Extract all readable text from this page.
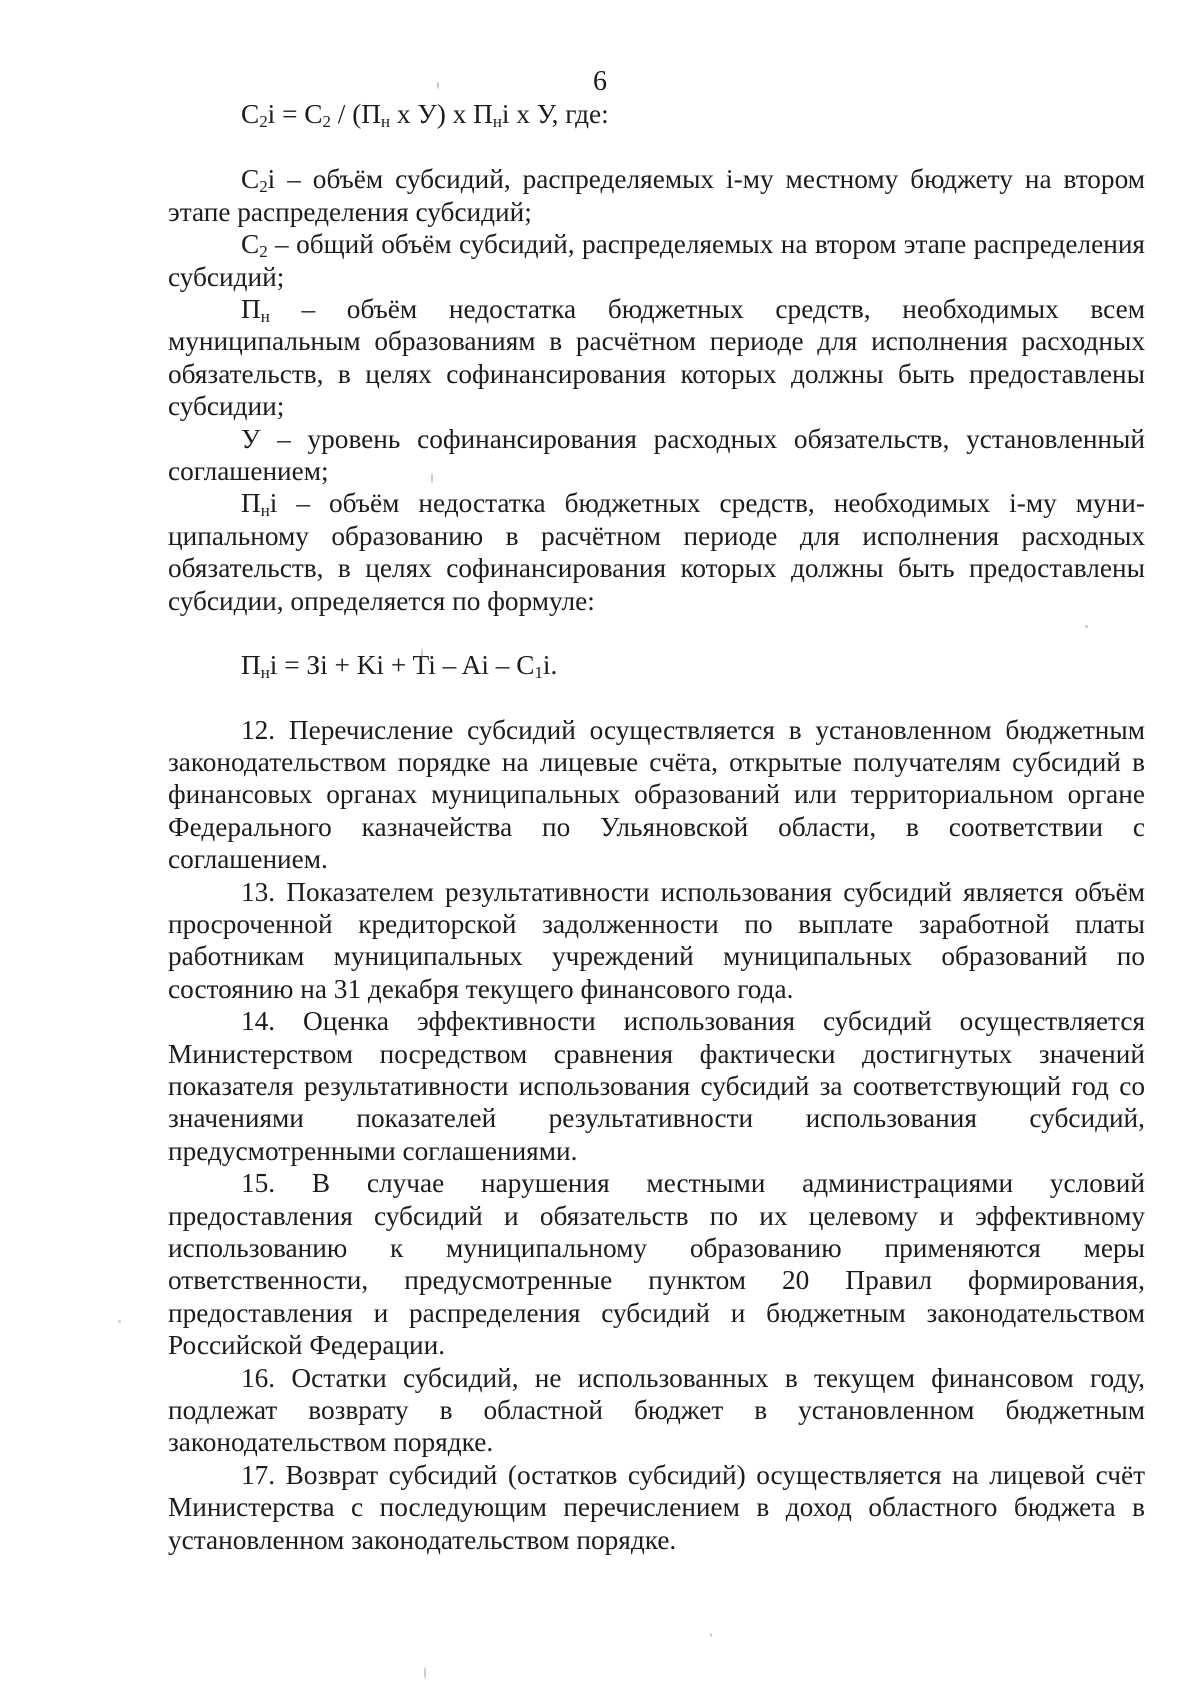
6

$C_2i = C_2 / (П_н$ х У) х $П_нi$ х У, где:

$C_2i$ – объём субсидий, распределяемых i-му местному бюджету на втором этапе распределения субсидий;

$C_2$ – общий объём субсидий, распределяемых на втором этапе распределения субсидий;

$П_н$ – объём недостатка бюджетных средств, необходимых всем муниципальным образованиям в расчётном периоде для исполнения расходных обязательств, в целях софинансирования которых должны быть предоставлены субсидии;

У – уровень софинансирования расходных обязательств, установленный соглашением;

$П_нi$ – объём недостатка бюджетных средств, необходимых i-му муниципальному образованию в расчётном периоде для исполнения расходных обязательств, в целях софинансирования которых должны быть предоставлены субсидии, определяется по формуле:

$П_нi$ = Зi + $Ki + Ti - Ai - C_1i$.

12. Перечисление субсидий осуществляется в установленном бюджетным законодательством порядке на лицевые счёта, открытые получателям субсидий в финансовых органах муниципальных образований или территориальном органе Федерального казначейства по Ульяновской области, в соответствии с соглашением.

13. Показателем результативности использования субсидий является объём просроченной кредиторской задолженности по выплате заработной платы работникам муниципальных учреждений муниципальных образований по состоянию на 31 декабря текущего финансового года.

14. Оценка эффективности использования субсидий осуществляется Министерством посредством сравнения фактически достигнутых значений показателя результативности использования субсидий за соответствующий год со значениями показателей результативности использования субсидий, предусмотренными соглашениями.

15. В случае нарушения местными администрациями условий предоставления субсидий и обязательств по их целевому и эффективному использованию к муниципальному образованию применяются меры ответственности, предусмотренные пунктом 20 Правил формирования, предоставления и распределения субсидий и бюджетным законодательством Российской Федерации.

16. Остатки субсидий, не использованных в текущем финансовом году, подлежат возврату в областной бюджет в установленном бюджетным законодательством порядке.

17. Возврат субсидий (остатков субсидий) осуществляется на лицевой счёт Министерства с последующим перечислением в доход областного бюджета в установленном законодательством порядке.
